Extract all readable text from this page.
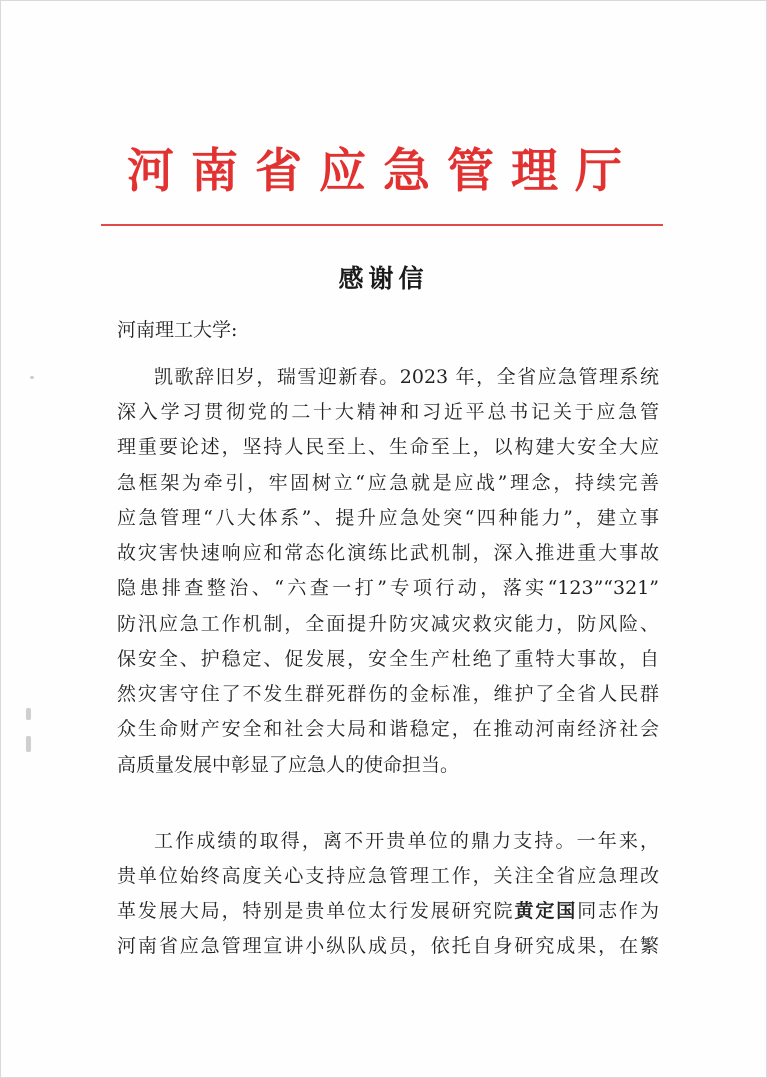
河南省应急管理厅
感谢信
河南理工大学:
凯歌辞旧岁，瑞雪迎新春。2023 年，全省应急管理系统
深入学习贯彻党的二十大精神和习近平总书记关于应急管
理重要论述，坚持人民至上、生命至上，以构建大安全大应
急框架为牵引，牢固树立“应急就是应战”理念，持续完善
应急管理“八大体系”、提升应急处突“四种能力”，建立事
故灾害快速响应和常态化演练比武机制，深入推进重大事故
隐患排查整治、“六查一打”专项行动，落实“123”“321”
防汛应急工作机制，全面提升防灾减灾救灾能力，防风险、
保安全、护稳定、促发展，安全生产杜绝了重特大事故，自
然灾害守住了不发生群死群伤的金标准，维护了全省人民群
众生命财产安全和社会大局和谐稳定，在推动河南经济社会
高质量发展中彰显了应急人的使命担当。
工作成绩的取得，离不开贵单位的鼎力支持。一年来，
贵单位始终高度关心支持应急管理工作，关注全省应急理改
革发展大局，特别是贵单位太行发展研究院黄定国同志作为
河南省应急管理宣讲小纵队成员，依托自身研究成果，在繁
